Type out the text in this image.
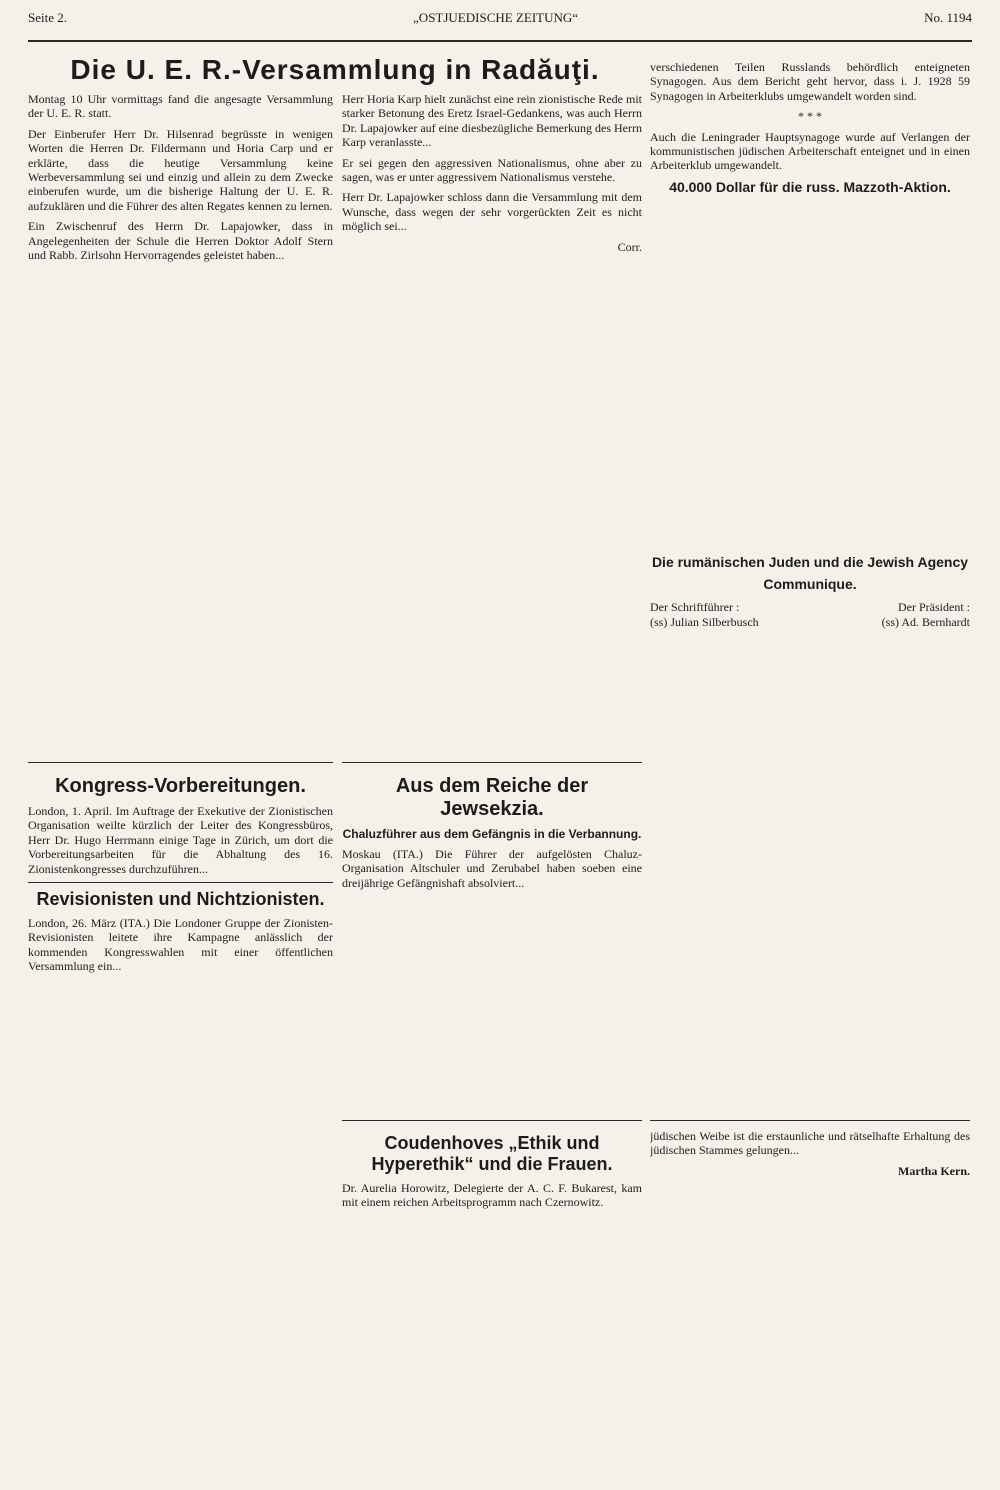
Seite 2.	„OSTJUEDISCHE ZEITUNG“	No. 1194
Die U. E. R.-Versammlung in Radăuţi.

Montag 10 Uhr vormittags fand die angesagte Versammlung der U. E. R. statt.

Der Einberufer Herr Dr. Hilsenrad begrüsste in wenigen Worten die Herren Dr. Fildermann und Horia Carp und er erklärte, dass die heutige Versammlung keine Werbeversammlung sei und einzig und allein zu dem Zwecke einberufen wurde, um die bisherige Haltung der U. E. R. aufzuklären und die Führer des alten Regates kennen zu lernen.

Ein Zwischenruf des Herrn Dr. Lapajowker, dass in Angelegenheiten der Schule die Herren Doktor Adolf Stern und Rabb. Zirlsohn Hervorragendes geleistet haben...

Herr Horia Karp hielt zunächst eine rein zionistische Rede mit starker Betonung des Eretz Israel-Gedankens, was auch Herrn Dr. Lapajowker auf eine diesbezügliche Bemerkung des Herrn Karp veranlasste...

Er sei gegen den aggressiven Nationalismus, ohne aber zu sagen, was er unter aggressivem Nationalismus verstehe.

Herr Dr. Lapajowker schloss dann die Versammlung mit dem Wunsche, dass wegen der sehr vorgerückten Zeit es nicht möglich sei...

Corr.

verschiedenen Teilen Russlands behördlich enteigneten Synagogen. Aus dem Bericht geht hervor, dass i. J. 1928 59 Synagogen in Arbeiterklubs umgewandelt worden sind.

* * *

Auch die Leningrader Hauptsynagoge wurde auf Verlangen der kommunistischen jüdischen Arbeiterschaft enteignet und in einen Arbeiterklub umgewandelt.

40.000 Dollar für die russ. Mazzoth-Aktion.
Die rumänischen Juden und die Jewish Agency
Communique.
Der Schriftführer :
(ss) Julian Silberbusch
Der Präsident :
(ss) Ad. Bernhardt
Kongress-Vorbereitungen.

London, 1. April. Im Auftrage der Exekutive der Zionistischen Organisation weilte kürzlich der Leiter des Kongressbüros, Herr Dr. Hugo Herrmann einige Tage in Zürich, um dort die Vorbereitungsarbeiten für die Abhaltung des 16. Zionistenkongresses durchzuführen...

Revisionisten und Nichtzionisten.

London, 26. März (ITA.) Die Londoner Gruppe der Zionisten-Revisionisten leitete ihre Kampagne anlässlich der kommenden Kongresswahlen mit einer öffentlichen Versammlung ein...

Aus dem Reiche der Jewsekzia.
Chaluzführer aus dem Gefängnis in die Verbannung.

Moskau (ITA.) Die Führer der aufgelösten Chaluz-Organisation Altschuler und Zerubabel haben soeben eine dreijährige Gefängnishaft absolviert...

Coudenhoves „Ethik und Hyperethik“ und die Frauen.

Dr. Aurelia Horowitz, Delegierte der A. C. F. Bukarest, kam mit einem reichen Arbeitsprogramm nach Czernowitz.

jüdischen Weibe ist die erstaunliche und rätselhafte Erhaltung des jüdischen Stammes gelungen...

Martha Kern.
